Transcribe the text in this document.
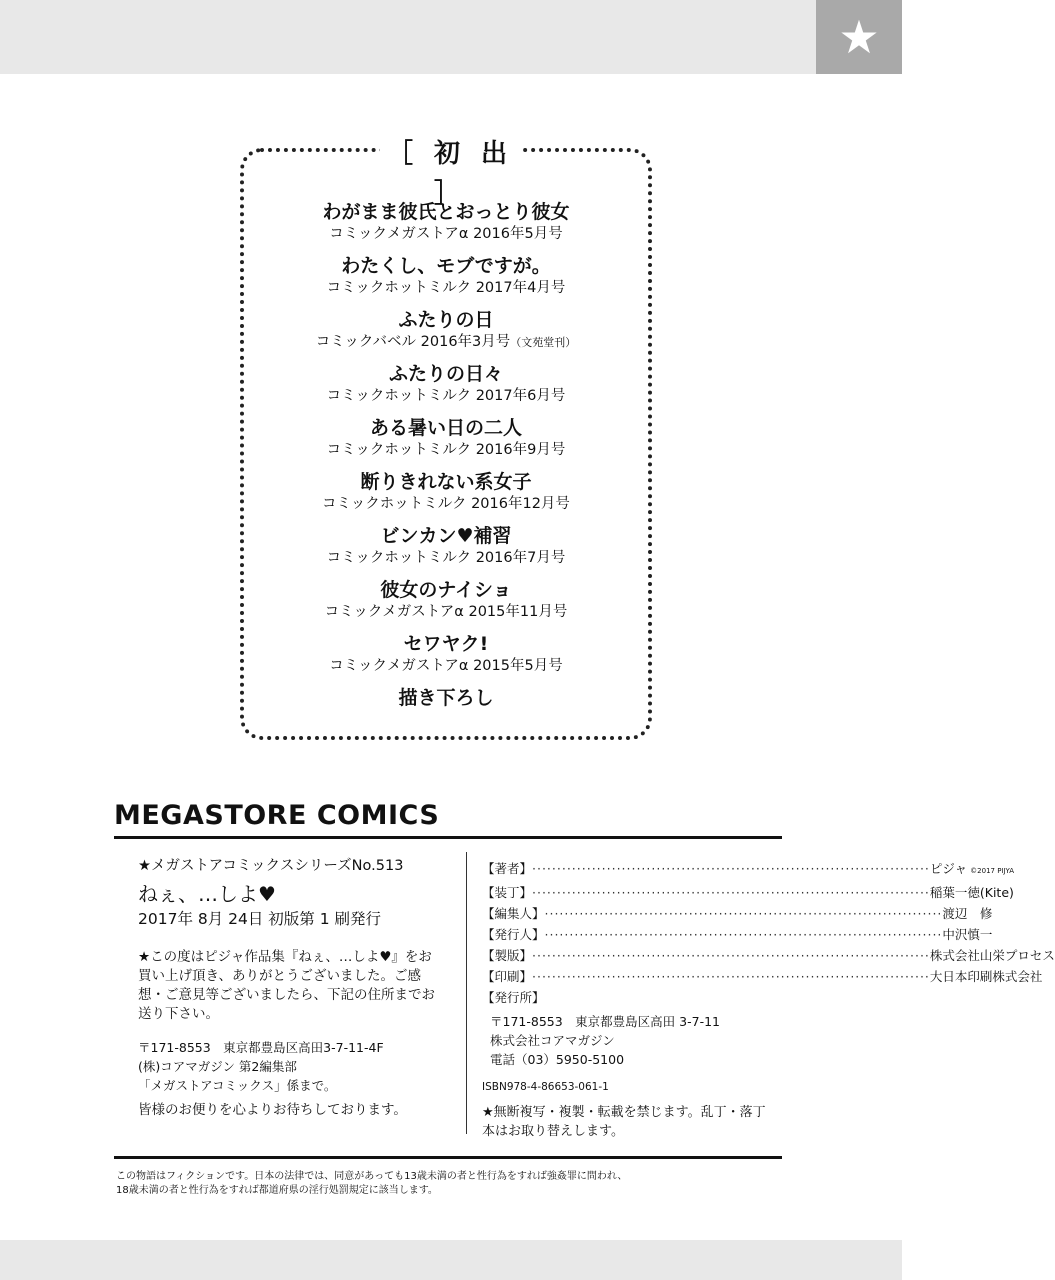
★
［ 初 出 ］
わがまま彼氏とおっとり彼女
コミックメガストアα 2016年5月号
わたくし、モブですが。
コミックホットミルク 2017年4月号
ふたりの日
コミックバベル 2016年3月号（文苑堂刊）
ふたりの日々
コミックホットミルク 2017年6月号
ある暑い日の二人
コミックホットミルク 2016年9月号
断りきれない系女子
コミックホットミルク 2016年12月号
ビンカン♥補習
コミックホットミルク 2016年7月号
彼女のナイショ
コミックメガストアα 2015年11月号
セワヤク!
コミックメガストアα 2015年5月号
描き下ろし
MEGASTORE COMICS
★メガストアコミックスシリーズNo.513
ねぇ、…しよ♥
2017年 8月 24日 初版第 1 刷発行
★この度はピジャ作品集『ねぇ、…しよ♥』をお買い上げ頂き、ありがとうございました。ご感想・ご意見等ございましたら、下記の住所までお送り下さい。
〒171-8553　東京都豊島区高田3-7-11-4F
(株)コアマガジン 第2編集部
「メガストアコミックス」係まで。
皆様のお便りを心よりお待ちしております。
【著者】 ················································································ ピジャ ©2017 PIJYA
【装丁】 ················································································ 稲葉一徳(Kite)
【編集人】 ················································································ 渡辺　修
【発行人】 ················································································ 中沢慎一
【製版】 ················································································ 株式会社山栄プロセス
【印刷】 ················································································ 大日本印刷株式会社
【発行所】
〒171-8553　東京都豊島区高田 3-7-11
株式会社コアマガジン
電話（03）5950-5100
ISBN978-4-86653-061-1
★無断複写・複製・転載を禁じます。乱丁・落丁本はお取り替えします。
この物語はフィクションです。日本の法律では、同意があっても13歳未満の者と性行為をすれば強姦罪に問われ、
18歳未満の者と性行為をすれば都道府県の淫行処罰規定に該当します。
